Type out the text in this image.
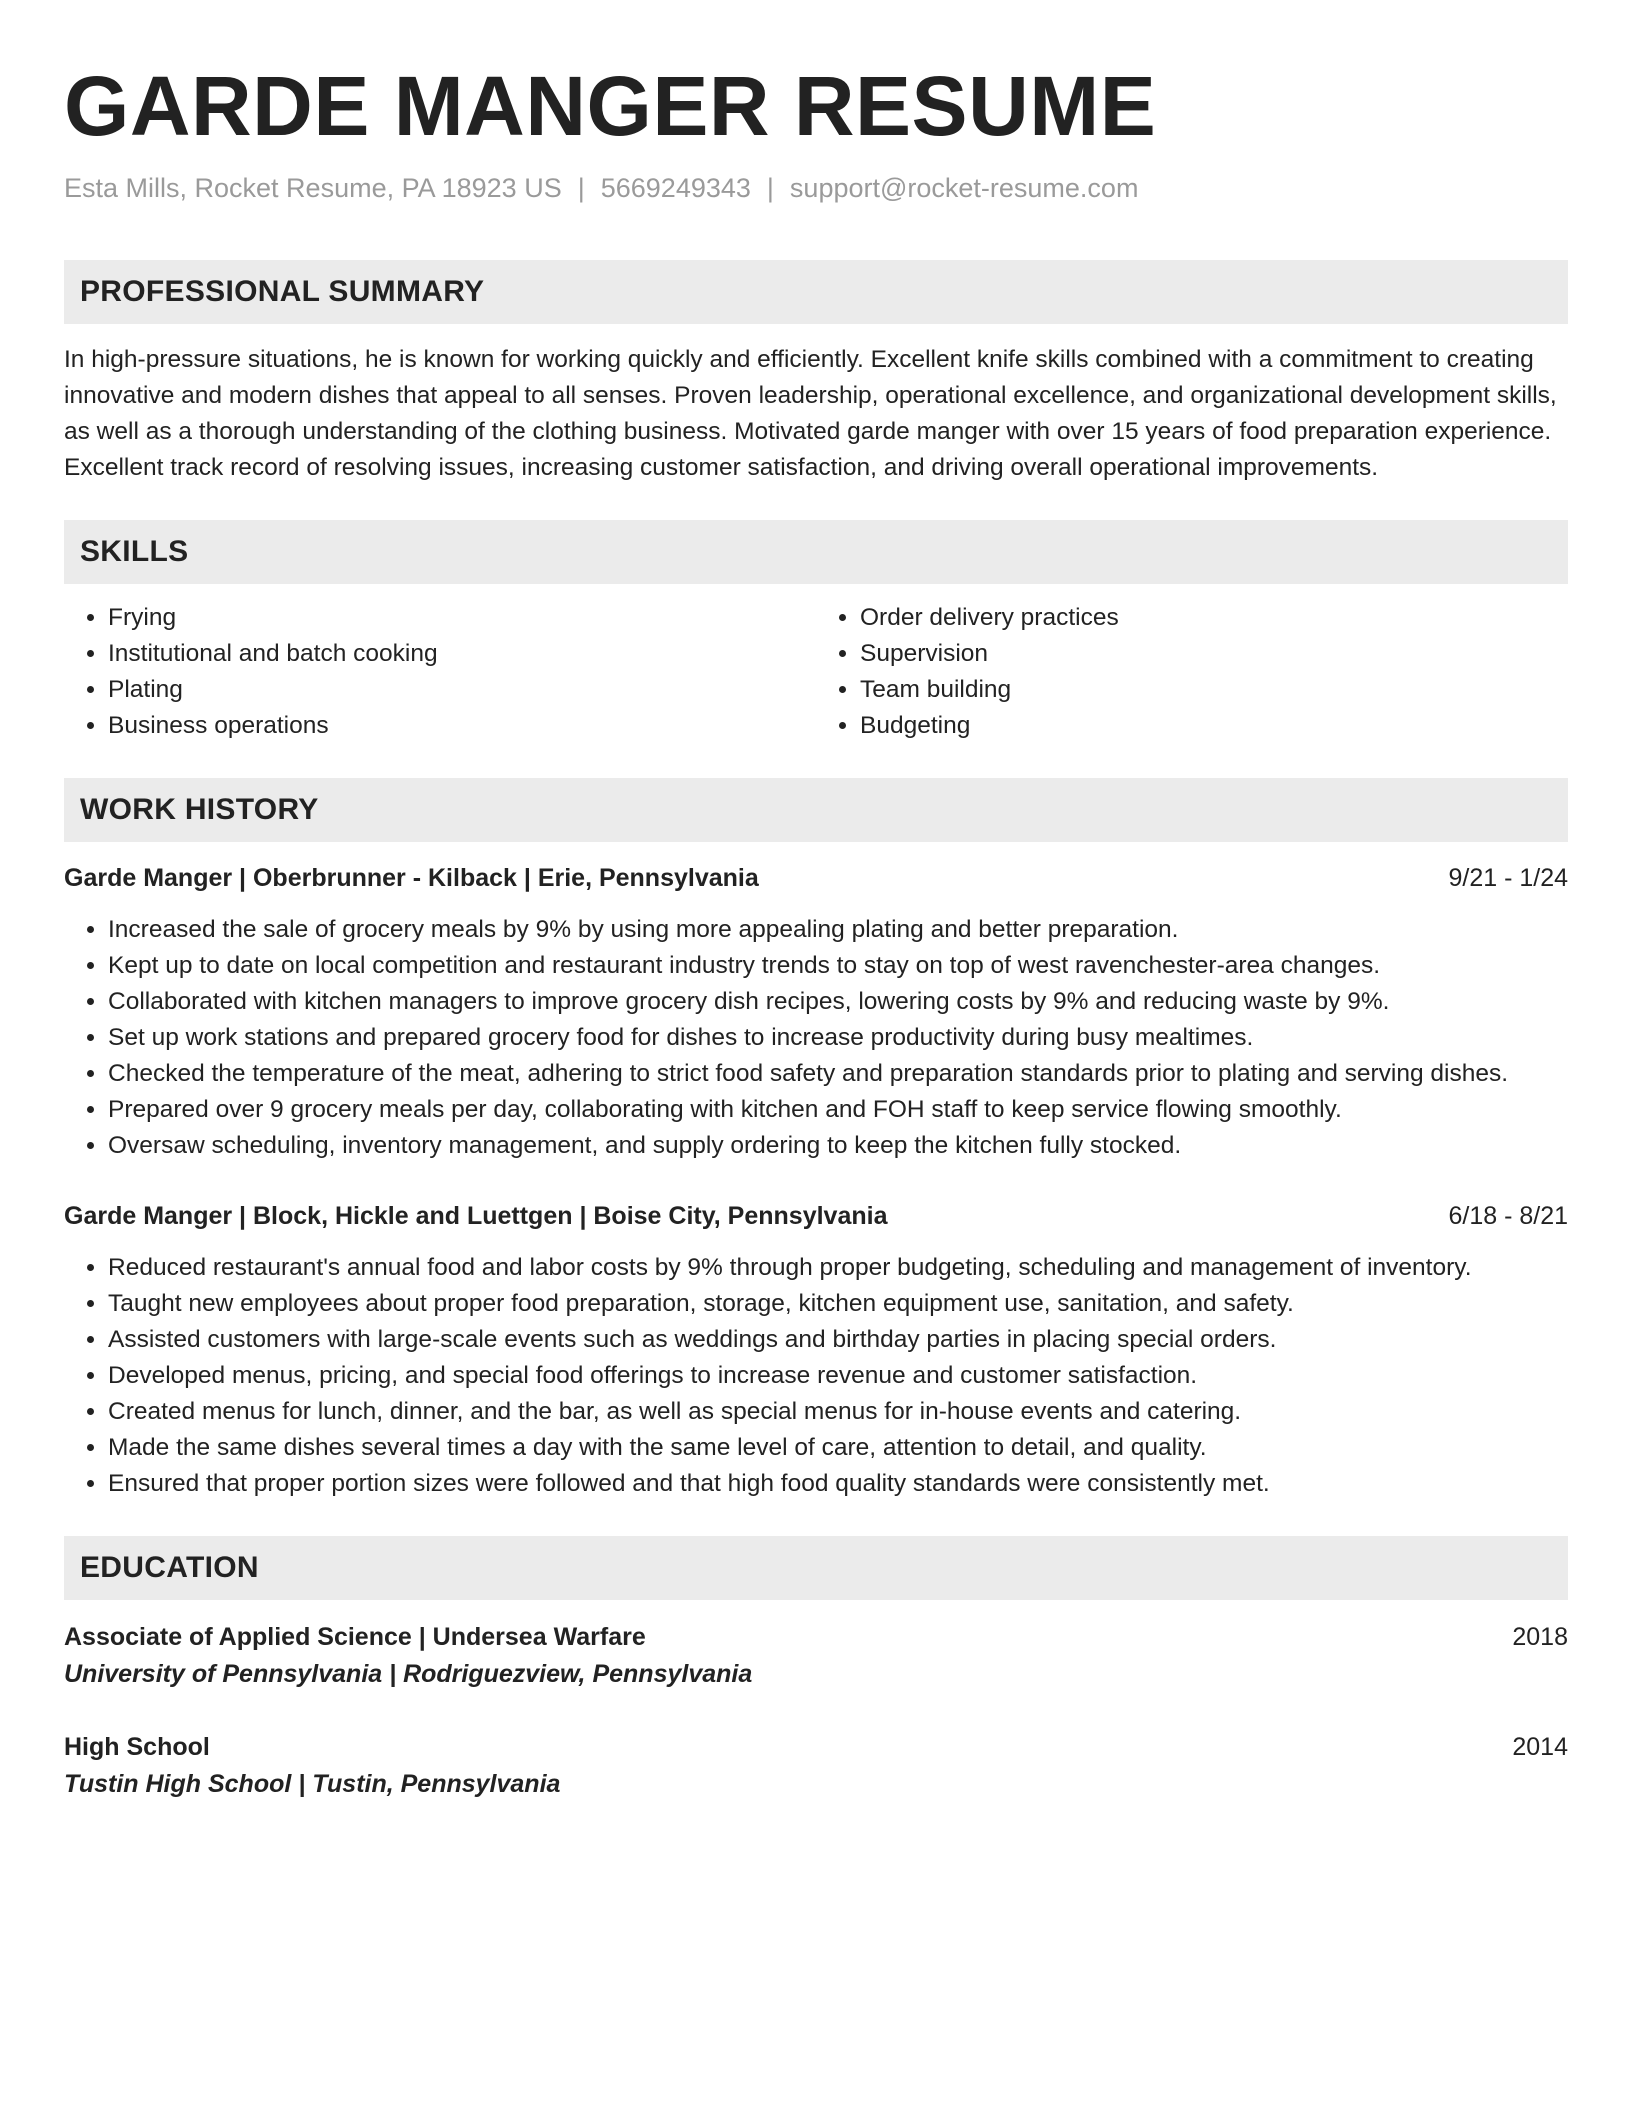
GARDE MANGER RESUME
Esta Mills, Rocket Resume, PA 18923 US | 5669249343 | support@rocket-resume.com
PROFESSIONAL SUMMARY
In high-pressure situations, he is known for working quickly and efficiently. Excellent knife skills combined with a commitment to creating innovative and modern dishes that appeal to all senses. Proven leadership, operational excellence, and organizational development skills, as well as a thorough understanding of the clothing business. Motivated garde manger with over 15 years of food preparation experience. Excellent track record of resolving issues, increasing customer satisfaction, and driving overall operational improvements.
SKILLS
• Frying
• Institutional and batch cooking
• Plating
• Business operations
• Order delivery practices
• Supervision
• Team building
• Budgeting
WORK HISTORY
Garde Manger | Oberbrunner - Kilback | Erie, Pennsylvania	9/21 - 1/24
• Increased the sale of grocery meals by 9% by using more appealing plating and better preparation.
• Kept up to date on local competition and restaurant industry trends to stay on top of west ravenchester-area changes.
• Collaborated with kitchen managers to improve grocery dish recipes, lowering costs by 9% and reducing waste by 9%.
• Set up work stations and prepared grocery food for dishes to increase productivity during busy mealtimes.
• Checked the temperature of the meat, adhering to strict food safety and preparation standards prior to plating and serving dishes.
• Prepared over 9 grocery meals per day, collaborating with kitchen and FOH staff to keep service flowing smoothly.
• Oversaw scheduling, inventory management, and supply ordering to keep the kitchen fully stocked.
Garde Manger | Block, Hickle and Luettgen | Boise City, Pennsylvania	6/18 - 8/21
• Reduced restaurant's annual food and labor costs by 9% through proper budgeting, scheduling and management of inventory.
• Taught new employees about proper food preparation, storage, kitchen equipment use, sanitation, and safety.
• Assisted customers with large-scale events such as weddings and birthday parties in placing special orders.
• Developed menus, pricing, and special food offerings to increase revenue and customer satisfaction.
• Created menus for lunch, dinner, and the bar, as well as special menus for in-house events and catering.
• Made the same dishes several times a day with the same level of care, attention to detail, and quality.
• Ensured that proper portion sizes were followed and that high food quality standards were consistently met.
EDUCATION
Associate of Applied Science | Undersea Warfare	2018
University of Pennsylvania | Rodriguezview, Pennsylvania
High School	2014
Tustin High School | Tustin, Pennsylvania
